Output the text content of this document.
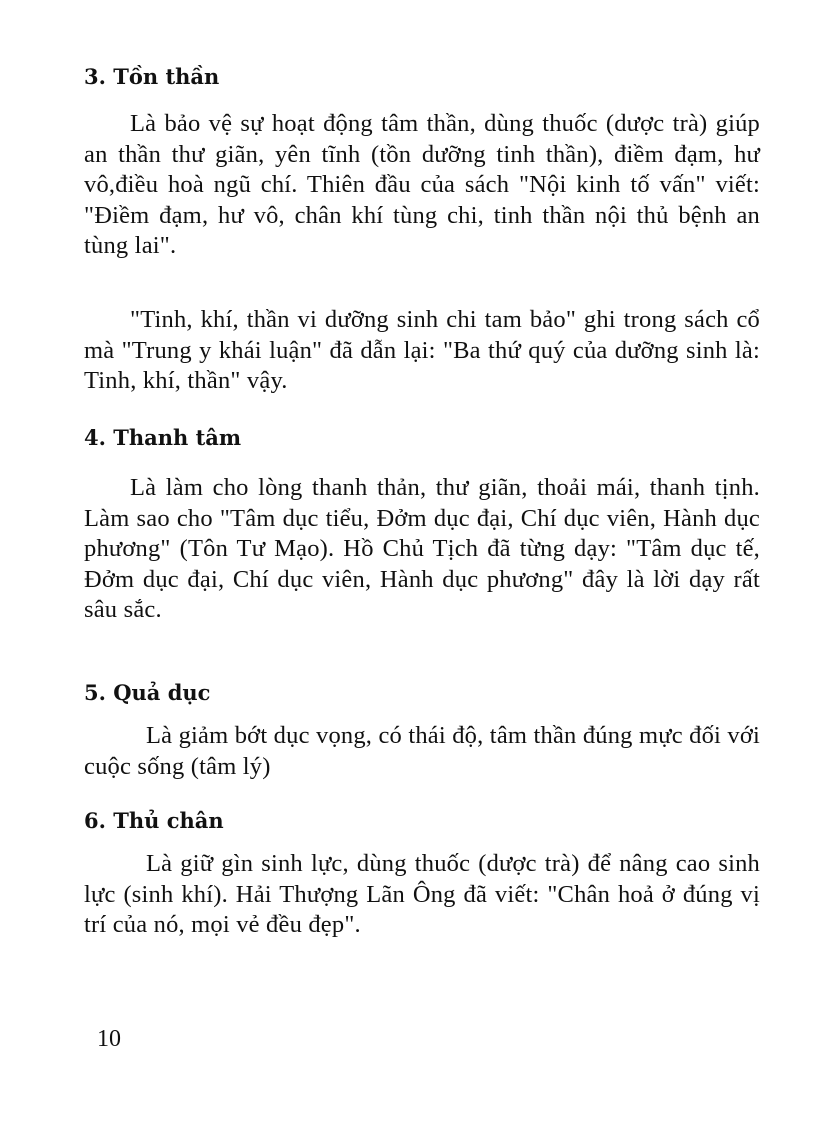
3. Tồn thần

Là bảo vệ sự hoạt động tâm thần, dùng thuốc (dược trà) giúp an thần thư giãn, yên tĩnh (tồn dưỡng tinh thần), điềm đạm, hư vô,điều hoà ngũ chí. Thiên đầu của sách "Nội kinh tố vấn" viết: "Điềm đạm, hư vô, chân khí tùng chi, tinh thần nội thủ bệnh an tùng lai".

"Tinh, khí, thần vi dưỡng sinh chi tam bảo" ghi trong sách cổ mà "Trung y khái luận" đã dẫn lại: "Ba thứ quý của dưỡng sinh là: Tinh, khí, thần" vậy.

4. Thanh tâm

Là làm cho lòng thanh thản, thư giãn, thoải mái, thanh tịnh. Làm sao cho "Tâm dục tiểu, Đởm dục đại, Chí dục viên, Hành dục phương" (Tôn Tư Mạo). Hồ Chủ Tịch đã từng dạy: "Tâm dục tế, Đởm dục đại, Chí dục viên, Hành dục phương" đây là lời dạy rất sâu sắc.

5. Quả dục

Là giảm bớt dục vọng, có thái độ, tâm thần đúng mực đối với cuộc sống (tâm lý)

6. Thủ chân

Là giữ gìn sinh lực, dùng thuốc (dược trà) để nâng cao sinh lực (sinh khí). Hải Thượng Lãn Ông đã viết: "Chân hoả ở đúng vị trí của nó, mọi vẻ đều đẹp".

10
